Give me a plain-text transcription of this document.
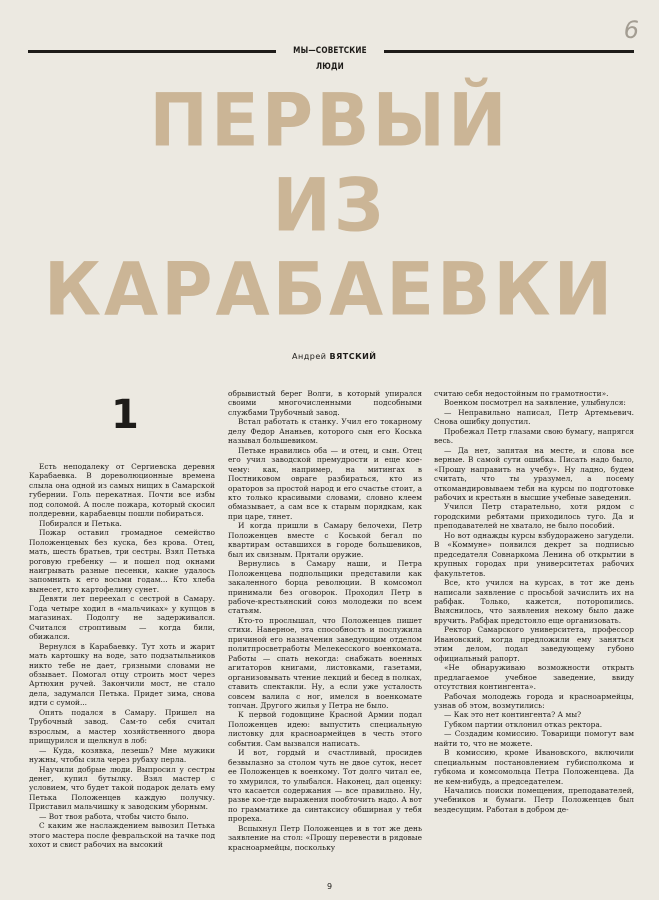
6
МЫ—СОВЕТСКИЕ ЛЮДИ
ПЕРВЫЙ
ИЗ
КАРАБАЕВКИ
Андрей ВЯТСКИЙ
1

Есть неподалеку от Сергиевска деревня Карабаевка. В дореволюционные времена слыла она одной из самых нищих в Самарской губернии. Голь перекатная. Почти все избы под соломой. А после пожара, который скосил полдеревни, карабаевцы пошли побираться.

Побирался и Петька.

Пожар оставил громадное семейство Положенцевых без куска, без крова. Отец, мать, шесть братьев, три сестры. Взял Петька роговую гребенку — и пошел под окнами наигрывать разные песенки, какие удалось запомнить к его восьми годам... Кто хлеба вынесет, кто картофелину сунет.

Девяти лет переехал с сестрой в Самару. Года четыре ходил в «мальчиках» у купцов в магазинах. Подолгу не задерживался. Считался строптивым — когда били, обижался.

Вернулся в Карабаевку. Тут хоть и жарит мать картошку на воде, зато подзатыльников никто тебе не дает, грязными словами не обзывает. Помогал отцу строить мост через Артюхин ручей. Закончили мост, не стало дела, задумался Петька. Придет зима, снова идти с сумой...

Опять подался в Самару. Пришел на Трубочный завод. Сам-то себя считал взрослым, а мастер хозяйственного двора прищурился и щелкнул в лоб:

— Куда, козявка, лезешь? Мне мужики нужны, чтобы сила через рубаху перла.

Научили добрые люди. Выпросил у сестры денег, купил бутылку. Взял мастер с условием, что будет такой подарок делать ему Петька Положенцев каждую получку. Приставил мальчишку к заводским уборным.

— Вот твоя работа, чтобы чисто было.

С каким же наслаждением вывозил Петька этого мастера после февральской на тачке под хохот и свист рабочих на высокий

обрывистый берег Волги, в который упирался своими многочисленными подсобными службами Трубочный завод.

Встал работать к станку. Учил его токарному делу Федор Ананьев, которого сын его Коська называл большевиком.

Петьке нравились оба — и отец, и сын. Отец его учил заводской премудрости и еще кое-чему: как, например, на митингах в Постниковом овраге разбираться, кто из ораторов за простой народ и его счастье стоит, а кто только красивыми словами, словно клеем обмазывает, а сам все к старым порядкам, как при царе, тянет.

И когда пришли в Самару белочехи, Петр Положенцев вместе с Коськой бегал по квартирам оставшихся в городе большевиков, был их связным. Прятали оружие.

Вернулись в Самару наши, и Петра Положенцева подпольщики представили как закаленного борца революции. В комсомол принимали без оговорок. Проходил Петр в рабоче-крестьянский союз молодежи по всем статьям.

Кто-то прослышал, что Положенцев пишет стихи. Наверное, эта способность и послужила причиной его назначения заведующим отделом политпросветработы Мелекесского военкомата. Работы — спать некогда: снабжать военных агитаторов книгами, листовками, газетами, организовывать чтение лекций и бесед в полках, ставить спектакли. Ну, а если уже усталость совсем валила с ног, имелся в военкомате топчан. Другого жилья у Петра не было.

К первой годовщине Красной Армии подал Положенцев идею: выпустить специальную листовку для красноармейцев в честь этого события. Сам вызвался написать.

И вот, гордый и счастливый, просидев безвылазно за столом чуть не двое суток, несет ее Положенцев к военкому. Тот долго читал ее, то хмурился, то улыбался. Наконец, дал оценку: что касается содержания — все правильно. Ну, разве кое-где выражения пообточить надо. А вот по грамматике да синтаксису обширная у тебя прореха.

Вспыхнул Петр Положенцев и в тот же день заявление на стол: «Прошу перевести в рядовые красноармейцы, поскольку

считаю себя недостойным по грамотности».

Военком посмотрел на заявление, улыбнулся:

— Неправильно написал, Петр Артемьевич. Снова ошибку допустил.

Пробежал Петр глазами свою бумагу, напрягся весь.

— Да нет, запятая на месте, и слова все верные. В самой сути ошибка. Писать надо было, «Прошу направить на учебу». Ну ладно, будем считать, что ты уразумел, а посему откомандировываем тебя на курсы по подготовке рабочих и крестьян в высшие учебные заведения.

Учился Петр старательно, хотя рядом с городскими ребятами приходилось тугo. Да и преподавателей не хватало, не было пособий.

Но вот однажды курсы взбудоражено загудели. В «Коммуне» появился декрет за подписью председателя Совнаркома Ленина об открытии в крупных городах при университетах рабочих факультетов.

Все, кто учился на курсах, в тот же день написали заявление с просьбой зачислить их на рабфак. Только, кажется, поторопились. Выяснилось, что заявления некому было даже вручить. Рабфак предстояло еще организовать.

Ректор Самарского университета, профессор Ивановский, когда предложили ему заняться этим делом, подал заведующему губоно официальный рапорт.

«Не обнаруживаю возможности открыть предлагаемое учебное заведение, ввиду отсутствия контингента».

Рабочая молодежь города и красноармейцы, узнав об этом, возмутились:

— Как это нет контингента? А мы?

Губком партии отклонил отказ ректора.

— Создадим комиссию. Товарищи помогут вам найти то, что не можете.

В комиссию, кроме Ивановского, включили специальным постановлением губисполкома и губкома и комсомольца Петра Положенцева. Да не кем-нибудь, а председателем.

Начались поиски помещения, преподавателей, учебников и бумаги. Петр Положенцев был вездесущим. Работая в добром де-

9
